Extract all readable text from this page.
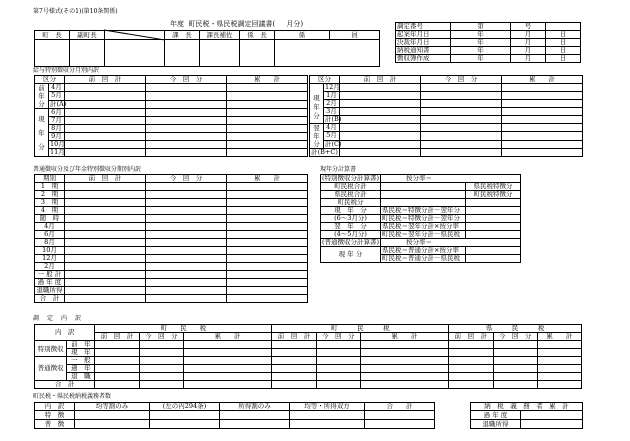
第7号様式(その1)(第10条関係)
年度 町民税・県民税調定回議書( 月分)
町　長	副町長		課　長	課長補佐	係　長	係	員

調定番号	第	号	
起案年月日	年	月	日
決裁年月日	年	月	日
納税通知書	年	月	日
徴収簿作成	年	月	日
給与特別徴収分月別内訳
区分		前　回　計	今　回　分	累　　計
前年分	4月			
	5月			
	計(A)			
現年分	6月			
	7月			
	8月			
	9月			
	10月			
	11月			
区分		前　回　計	今　回　分	累　　計
	12月			
現年分	1月			
	2月			
	3月			
	計(B)			
翌年分	4月			
	5月			
	計(C)			
計(B+C)				
普通徴収分及び年金特別徴収分期別内訳
期別	前　回　計	今　回　分	累　　計
1　期			
2　期			
3　期			
4　期			
随　時			
4月			
6月			
8月			
10月			
12月			
2月			
一 般 計			
過 年 度			
退職所得			
合　計			
現年分計算書
(特別徴収分計算書)	按分率＝	
町民税合計		県民税特徴分
県民税合計		町民税特徴分
町民税分		
現　年　分	県民税＝特徴分計－翌年分	
(6～3月分)	町民税＝特徴分計－翌年分	
翌　年　分	県民税＝翌年分計×按分率	
(4～5月分)	町民税＝翌年分計－県民税	
(普通徴収分計算書)	按分率＝	
現 年 分	県民税＝普通分計×按分率	
	町民税＝普通分計－県民税	
調　定　内　訳
内　訳		町　　民　　税			町　　　民　　　税			県　　　民　　　税		
		前　回　計	今　回　分	累　　計	前　回　計	今　回　分	累　　計	前　回　計	今　回　分	累　　計
特別徴収	前　年									
	現　年									
普通徴収	一　般									
	過　年									
	退　職									
合　計										
町民税・県民税納税義務者数
内　訳	均等割のみ	(左の内294条)	所得割のみ	均等・所得双方	合　　計
特　徴					
普　徴					
納　税　義　務　者　累　計	
過 年 度	
退職所得	
